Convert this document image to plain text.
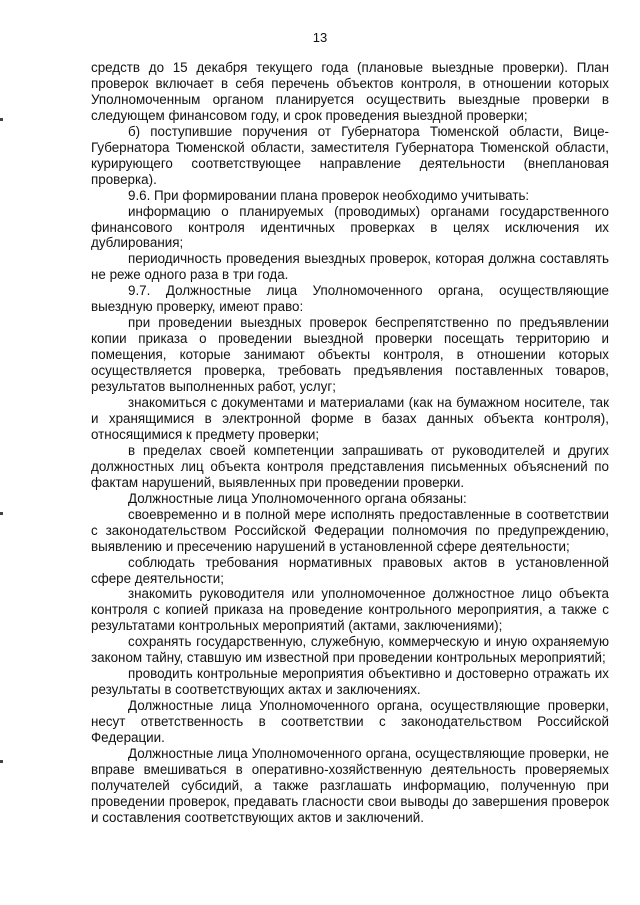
13

средств до 15 декабря текущего года (плановые выездные проверки). План проверок включает в себя перечень объектов контроля, в отношении которых Уполномоченным органом планируется осуществить выездные проверки в следующем финансовом году, и срок проведения выездной проверки;

б) поступившие поручения от Губернатора Тюменской области, Вице-Губернатора Тюменской области, заместителя Губернатора Тюменской области, курирующего соответствующее направление деятельности (внеплановая проверка).

9.6. При формировании плана проверок необходимо учитывать:

информацию о планируемых (проводимых) органами государственного финансового контроля идентичных проверках в целях исключения их дублирования;

периодичность проведения выездных проверок, которая должна составлять не реже одного раза в три года.

9.7. Должностные лица Уполномоченного органа, осуществляющие выездную проверку, имеют право:

при проведении выездных проверок беспрепятственно по предъявлении копии приказа о проведении выездной проверки посещать территорию и помещения, которые занимают объекты контроля, в отношении которых осуществляется проверка, требовать предъявления поставленных товаров, результатов выполненных работ, услуг;

знакомиться с документами и материалами (как на бумажном носителе, так и хранящимися в электронной форме в базах данных объекта контроля), относящимися к предмету проверки;

в пределах своей компетенции запрашивать от руководителей и других должностных лиц объекта контроля представления письменных объяснений по фактам нарушений, выявленных при проведении проверки.

Должностные лица Уполномоченного органа обязаны:

своевременно и в полной мере исполнять предоставленные в соответствии с законодательством Российской Федерации полномочия по предупреждению, выявлению и пресечению нарушений в установленной сфере деятельности;

соблюдать требования нормативных правовых актов в установленной сфере деятельности;

знакомить руководителя или уполномоченное должностное лицо объекта контроля с копией приказа на проведение контрольного мероприятия, а также с результатами контрольных мероприятий (актами, заключениями);

сохранять государственную, служебную, коммерческую и иную охраняемую законом тайну, ставшую им известной при проведении контрольных мероприятий;

проводить контрольные мероприятия объективно и достоверно отражать их результаты в соответствующих актах и заключениях.

Должностные лица Уполномоченного органа, осуществляющие проверки, несут ответственность в соответствии с законодательством Российской Федерации.

Должностные лица Уполномоченного органа, осуществляющие проверки, не вправе вмешиваться в оперативно-хозяйственную деятельность проверяемых получателей субсидий, а также разглашать информацию, полученную при проведении проверок, предавать гласности свои выводы до завершения проверок и составления соответствующих актов и заключений.
